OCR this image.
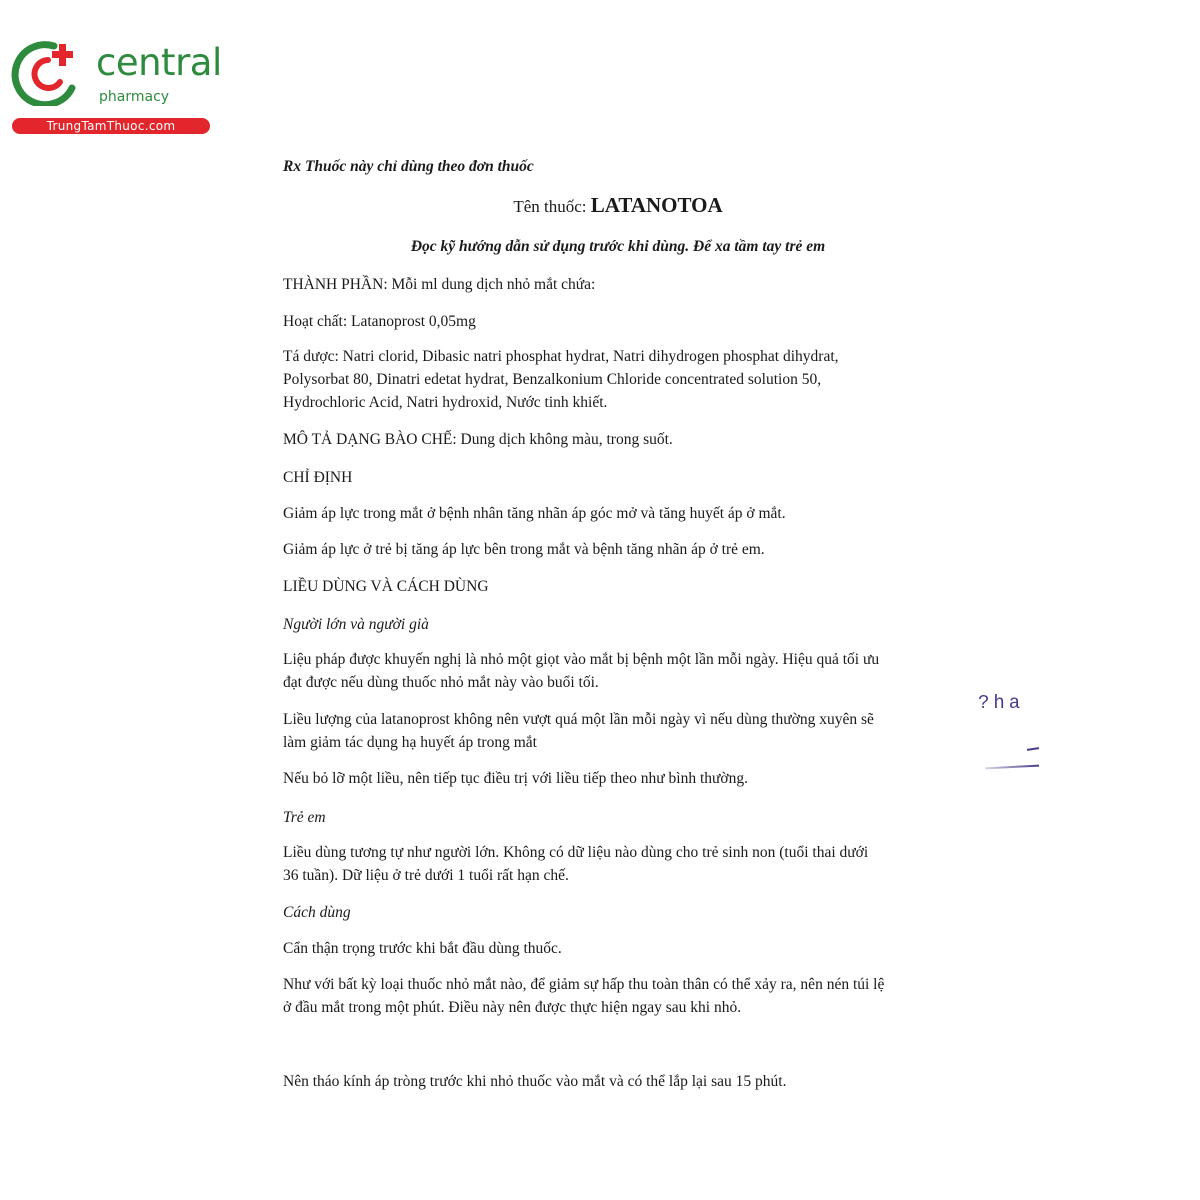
central
pharmacy
TrungTamThuoc.com
Rx Thuốc này chỉ dùng theo đơn thuốc
Tên thuốc: LATANOTOA
Đọc kỹ hướng dẫn sử dụng trước khi dùng. Để xa tầm tay trẻ em
THÀNH PHẦN: Mỗi ml dung dịch nhỏ mắt chứa:
Hoạt chất: Latanoprost 0,05mg
Tá dược: Natri clorid, Dibasic natri phosphat hydrat, Natri dihydrogen phosphat dihydrat,
Polysorbat 80, Dinatri edetat hydrat, Benzalkonium Chloride concentrated solution 50,
Hydrochloric Acid, Natri hydroxid, Nước tinh khiết.
MÔ TẢ DẠNG BÀO CHẾ: Dung dịch không màu, trong suốt.
CHỈ ĐỊNH
Giảm áp lực trong mắt ở bệnh nhân tăng nhãn áp góc mở và tăng huyết áp ở mắt.
Giảm áp lực ở trẻ bị tăng áp lực bên trong mắt và bệnh tăng nhãn áp ở trẻ em.
LIỀU DÙNG VÀ CÁCH DÙNG
Người lớn và người già
Liệu pháp được khuyến nghị là nhỏ một giọt vào mắt bị bệnh một lần mỗi ngày. Hiệu quả tối ưu
đạt được nếu dùng thuốc nhỏ mắt này vào buổi tối.
Liều lượng của latanoprost không nên vượt quá một lần mỗi ngày vì nếu dùng thường xuyên sẽ
làm giảm tác dụng hạ huyết áp trong mắt
Nếu bỏ lỡ một liều, nên tiếp tục điều trị với liều tiếp theo như bình thường.
Trẻ em
Liều dùng tương tự như người lớn. Không có dữ liệu nào dùng cho trẻ sinh non (tuổi thai dưới
36 tuần). Dữ liệu ở trẻ dưới 1 tuổi rất hạn chế.
Cách dùng
Cẩn thận trọng trước khi bắt đầu dùng thuốc.
Như với bất kỳ loại thuốc nhỏ mắt nào, để giảm sự hấp thu toàn thân có thể xảy ra, nên nén túi lệ
ở đầu mắt trong một phút. Điều này nên được thực hiện ngay sau khi nhỏ.
Nên tháo kính áp tròng trước khi nhỏ thuốc vào mắt và có thể lắp lại sau 15 phút.
?ha
